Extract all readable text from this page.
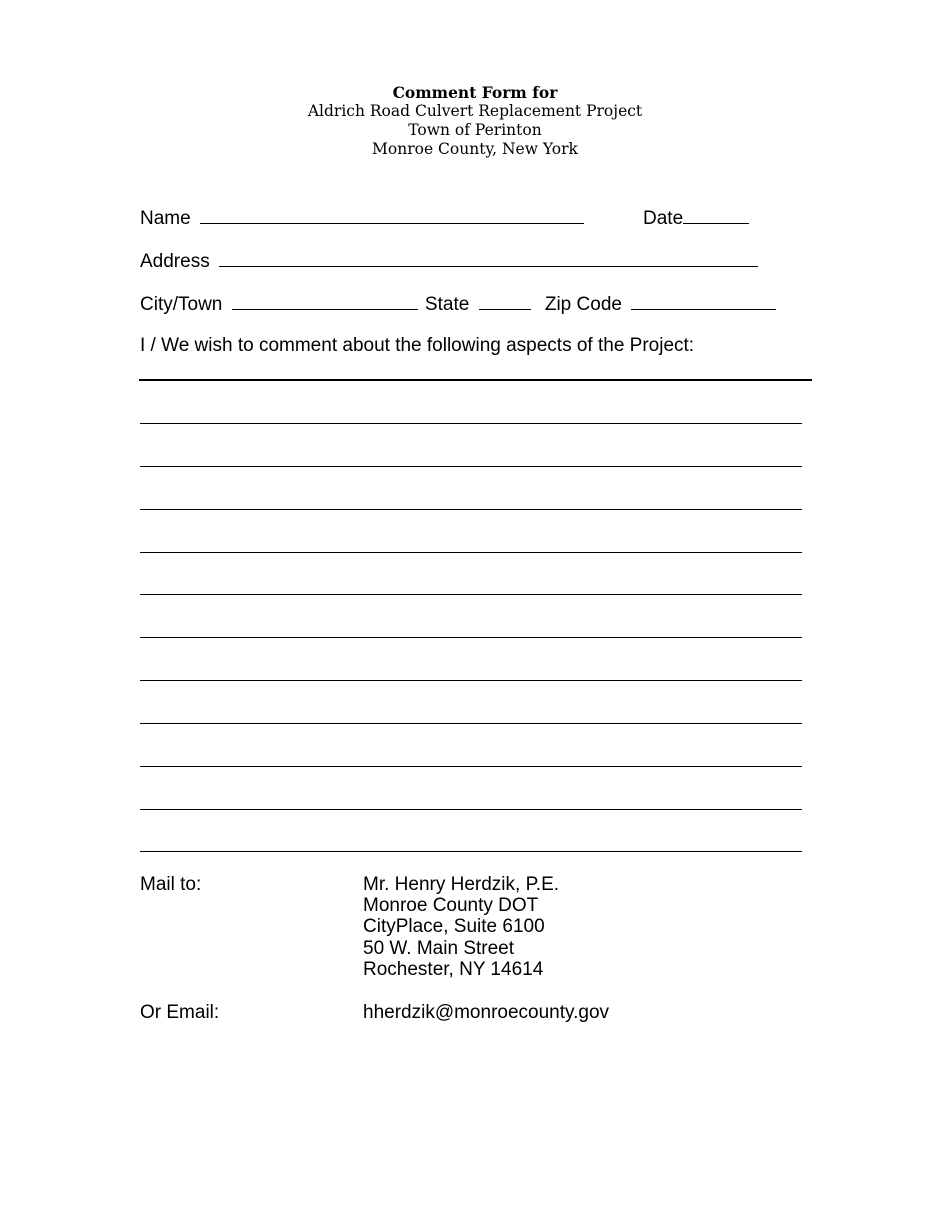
Comment Form for
Aldrich Road Culvert Replacement Project
Town of Perinton
Monroe County, New York
Name	Date
Address
City/Town	State	Zip Code
I / We wish to comment about the following aspects of the Project:
Mail to:	Mr. Henry Herdzik, P.E.
Monroe County DOT
CityPlace, Suite 6100
50 W. Main Street
Rochester, NY 14614
Or Email:	hherdzik@monroecounty.gov
